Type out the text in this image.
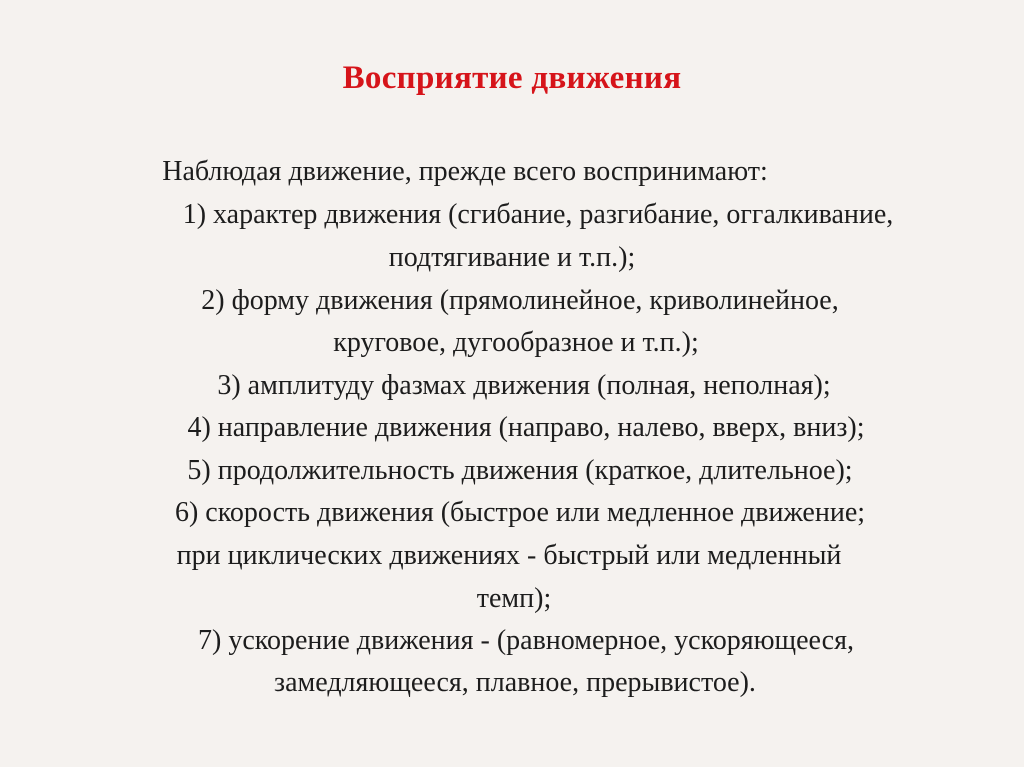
Восприятие движения
Наблюдая движение, прежде всего воспринимают:
1) характер движения (сгибание, разгибание, оггалкивание,
подтягивание и т.п.);
2) форму движения (прямолинейное, криволинейное,
круговое, дугообразное и т.п.);
3) амплитуду фазмах движения (полная, неполная);
4) направление движения (направо, налево, вверх, вниз);
5) продолжительность движения (краткое, длительное);
6) скорость движения (быстрое или медленное движение;
при циклических движениях - быстрый или медленный
темп);
7) ускорение движения - (равномерное, ускоряющееся,
замедляющееся, плавное, прерывистое).
